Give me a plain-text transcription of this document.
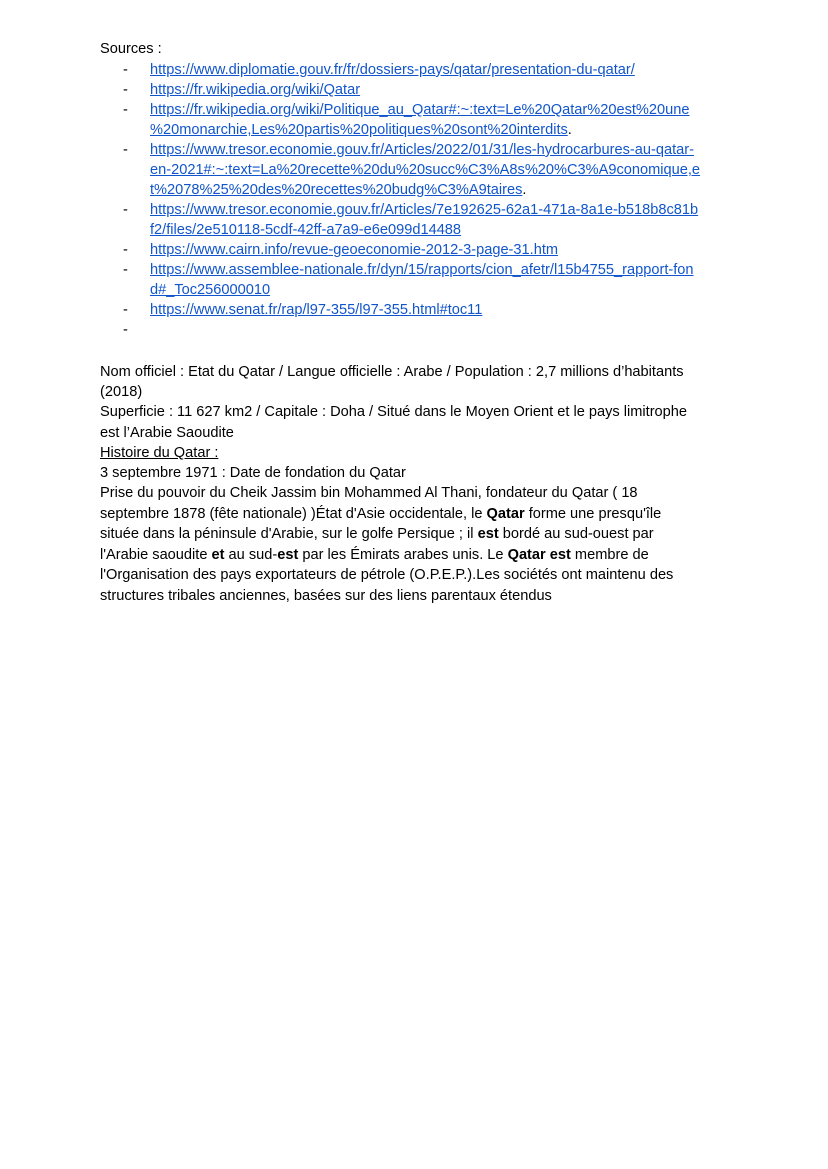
Sources :
- https://www.diplomatie.gouv.fr/fr/dossiers-pays/qatar/presentation-du-qatar/
- https://fr.wikipedia.org/wiki/Qatar
- https://fr.wikipedia.org/wiki/Politique_au_Qatar#:~:text=Le%20Qatar%20est%20une
%20monarchie,Les%20partis%20politiques%20sont%20interdits.
- https://www.tresor.economie.gouv.fr/Articles/2022/01/31/les-hydrocarbures-au-qatar-
en-2021#:~:text=La%20recette%20du%20succ%C3%A8s%20%C3%A9conomique,e
t%2078%25%20des%20recettes%20budg%C3%A9taires.
- https://www.tresor.economie.gouv.fr/Articles/7e192625-62a1-471a-8a1e-b518b8c81b
f2/files/2e510118-5cdf-42ff-a7a9-e6e099d14488
- https://www.cairn.info/revue-geoeconomie-2012-3-page-31.htm
- https://www.assemblee-nationale.fr/dyn/15/rapports/cion_afetr/l15b4755_rapport-fon
d#_Toc256000010
- https://www.senat.fr/rap/l97-355/l97-355.html#toc11
-

Nom officiel : Etat du Qatar / Langue officielle : Arabe / Population : 2,7 millions d’habitants
(2018)

Superficie : 11 627 km2 / Capitale : Doha / Situé dans le Moyen Orient et le pays limitrophe
est l’Arabie Saoudite

Histoire du Qatar :

3 septembre 1971 : Date de fondation du Qatar

Prise du pouvoir du Cheik Jassim bin Mohammed Al Thani, fondateur du Qatar ( 18
septembre 1878 (fête nationale) )État d'Asie occidentale, le Qatar forme une presqu'île
située dans la péninsule d'Arabie, sur le golfe Persique ; il est bordé au sud-ouest par
l'Arabie saoudite et au sud-est par les Émirats arabes unis. Le Qatar est membre de
l'Organisation des pays exportateurs de pétrole (O.P.E.P.).Les sociétés ont maintenu des
structures tribales anciennes, basées sur des liens parentaux étendus
